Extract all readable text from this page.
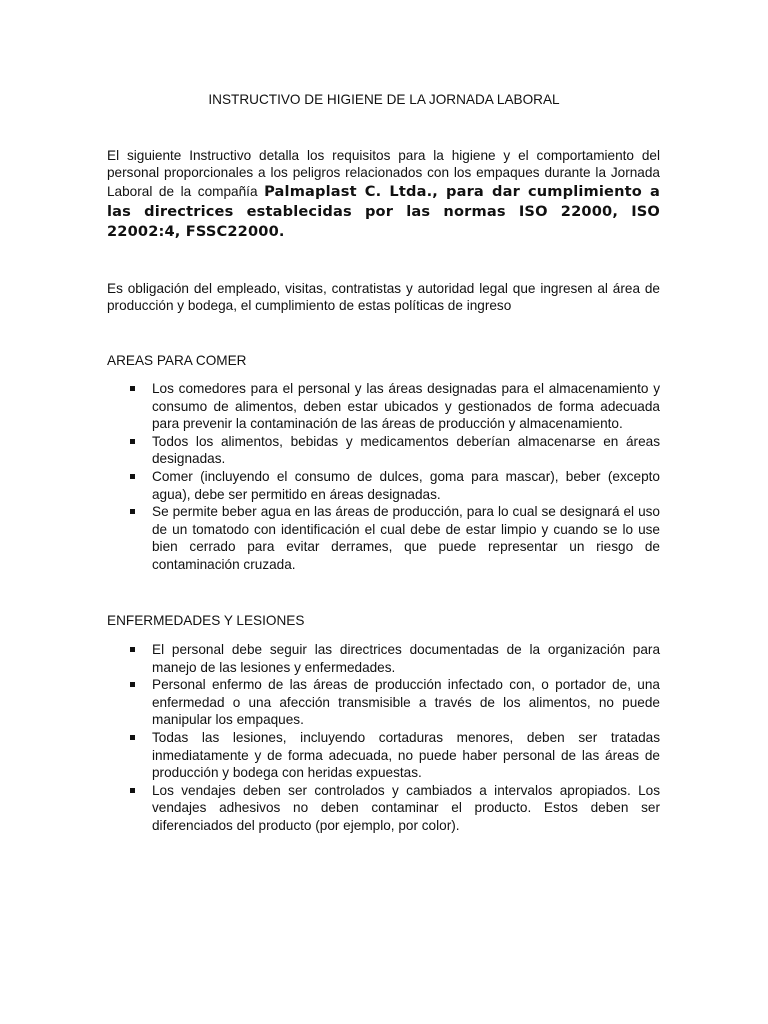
INSTRUCTIVO DE HIGIENE DE LA JORNADA LABORAL

El siguiente Instructivo detalla los requisitos para la higiene y el comportamiento del personal proporcionales a los peligros relacionados con los empaques durante la Jornada Laboral de la compañía Palmaplast C. Ltda., para dar cumplimiento a las directrices establecidas por las normas ISO 22000, ISO 22002:4, FSSC22000.

Es obligación del empleado, visitas, contratistas y autoridad legal que ingresen al área de producción y bodega, el cumplimiento de estas políticas de ingreso

AREAS PARA COMER
Los comedores para el personal y las áreas designadas para el almacenamiento y consumo de alimentos, deben estar ubicados y gestionados de forma adecuada para prevenir la contaminación de las áreas de producción y almacenamiento.
Todos los alimentos, bebidas y medicamentos deberían almacenarse en áreas designadas.
Comer (incluyendo el consumo de dulces, goma para mascar), beber (excepto agua), debe ser permitido en áreas designadas.
Se permite beber agua en las áreas de producción, para lo cual se designará el uso de un tomatodo con identificación el cual debe de estar limpio y cuando se lo use bien cerrado para evitar derrames, que puede representar un riesgo de contaminación cruzada.
ENFERMEDADES Y LESIONES
El personal debe seguir las directrices documentadas de la organización para manejo de las lesiones y enfermedades.
Personal enfermo de las áreas de producción infectado con, o portador de, una enfermedad o una afección transmisible a través de los alimentos, no puede manipular los empaques.
Todas las lesiones, incluyendo cortaduras menores, deben ser tratadas inmediatamente y de forma adecuada, no puede haber personal de las áreas de producción y bodega con heridas expuestas.
Los vendajes deben ser controlados y cambiados a intervalos apropiados. Los vendajes adhesivos no deben contaminar el producto. Estos deben ser diferenciados del producto (por ejemplo, por color).
